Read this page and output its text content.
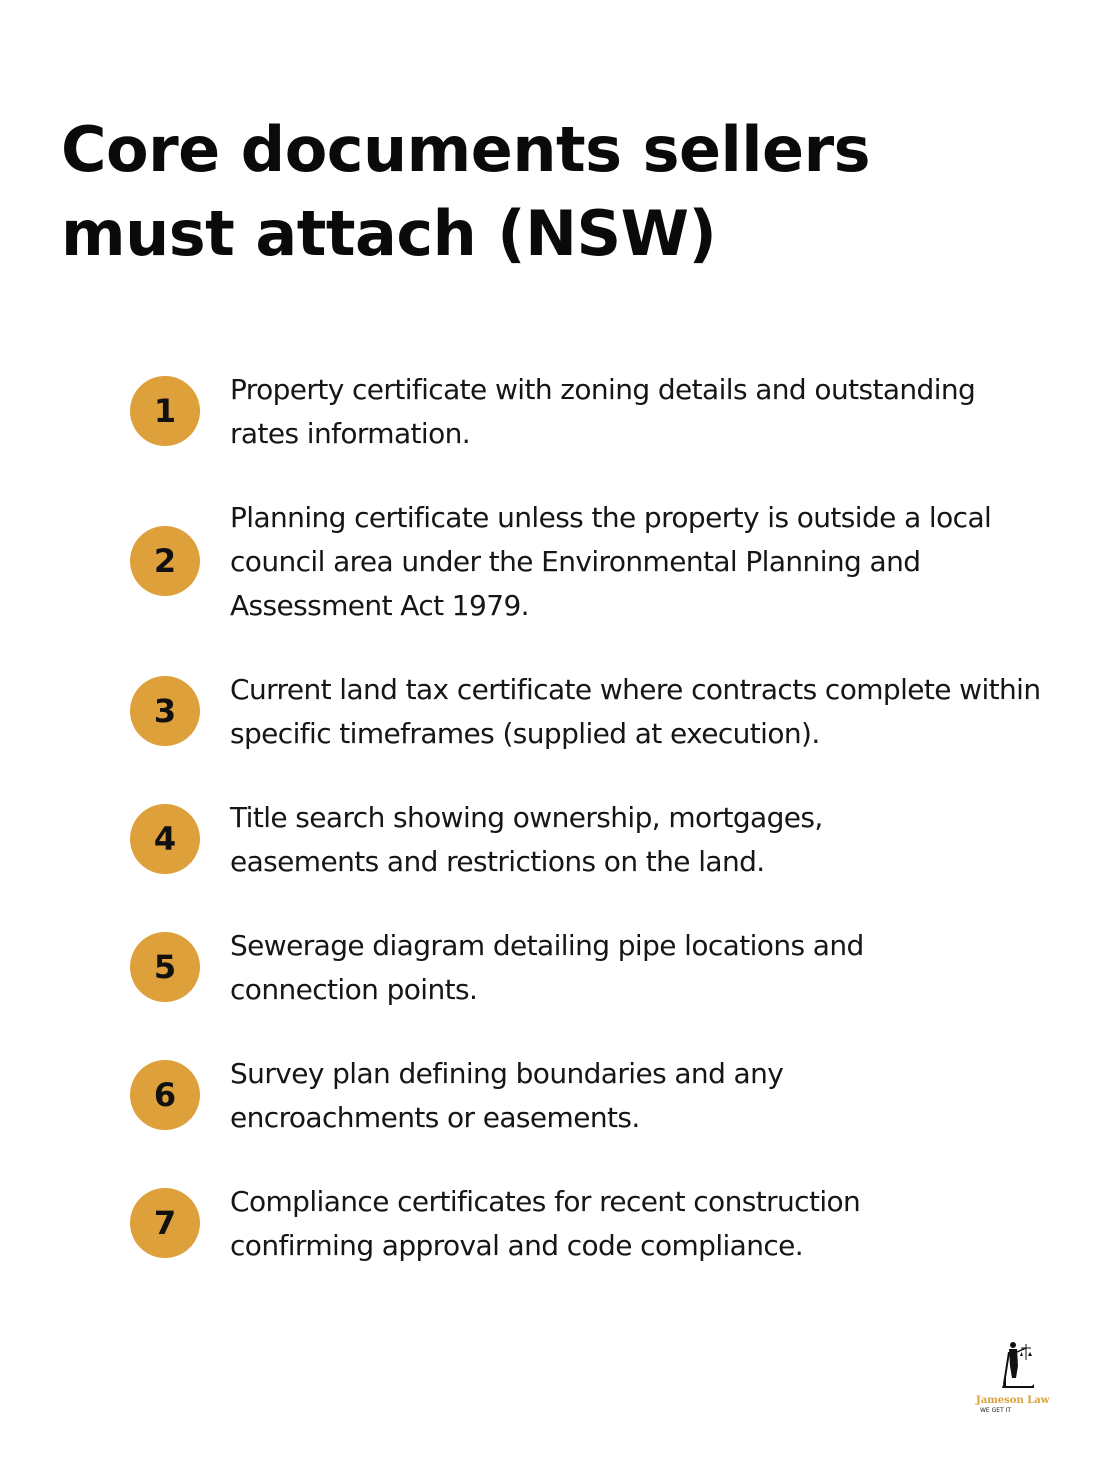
Core documents sellers must attach (NSW)
1
Property certificate with zoning details and outstanding rates information.
2
Planning certificate unless the property is outside a local council area under the Environmental Planning and Assessment Act 1979.
3
Current land tax certificate where contracts complete within specific timeframes (supplied at execution).
4
Title search showing ownership, mortgages, easements and restrictions on the land.
5
Sewerage diagram detailing pipe locations and connection points.
6
Survey plan defining boundaries and any encroachments or easements.
7
Compliance certificates for recent construction confirming approval and code compliance.
Jameson Law
WE GET IT
